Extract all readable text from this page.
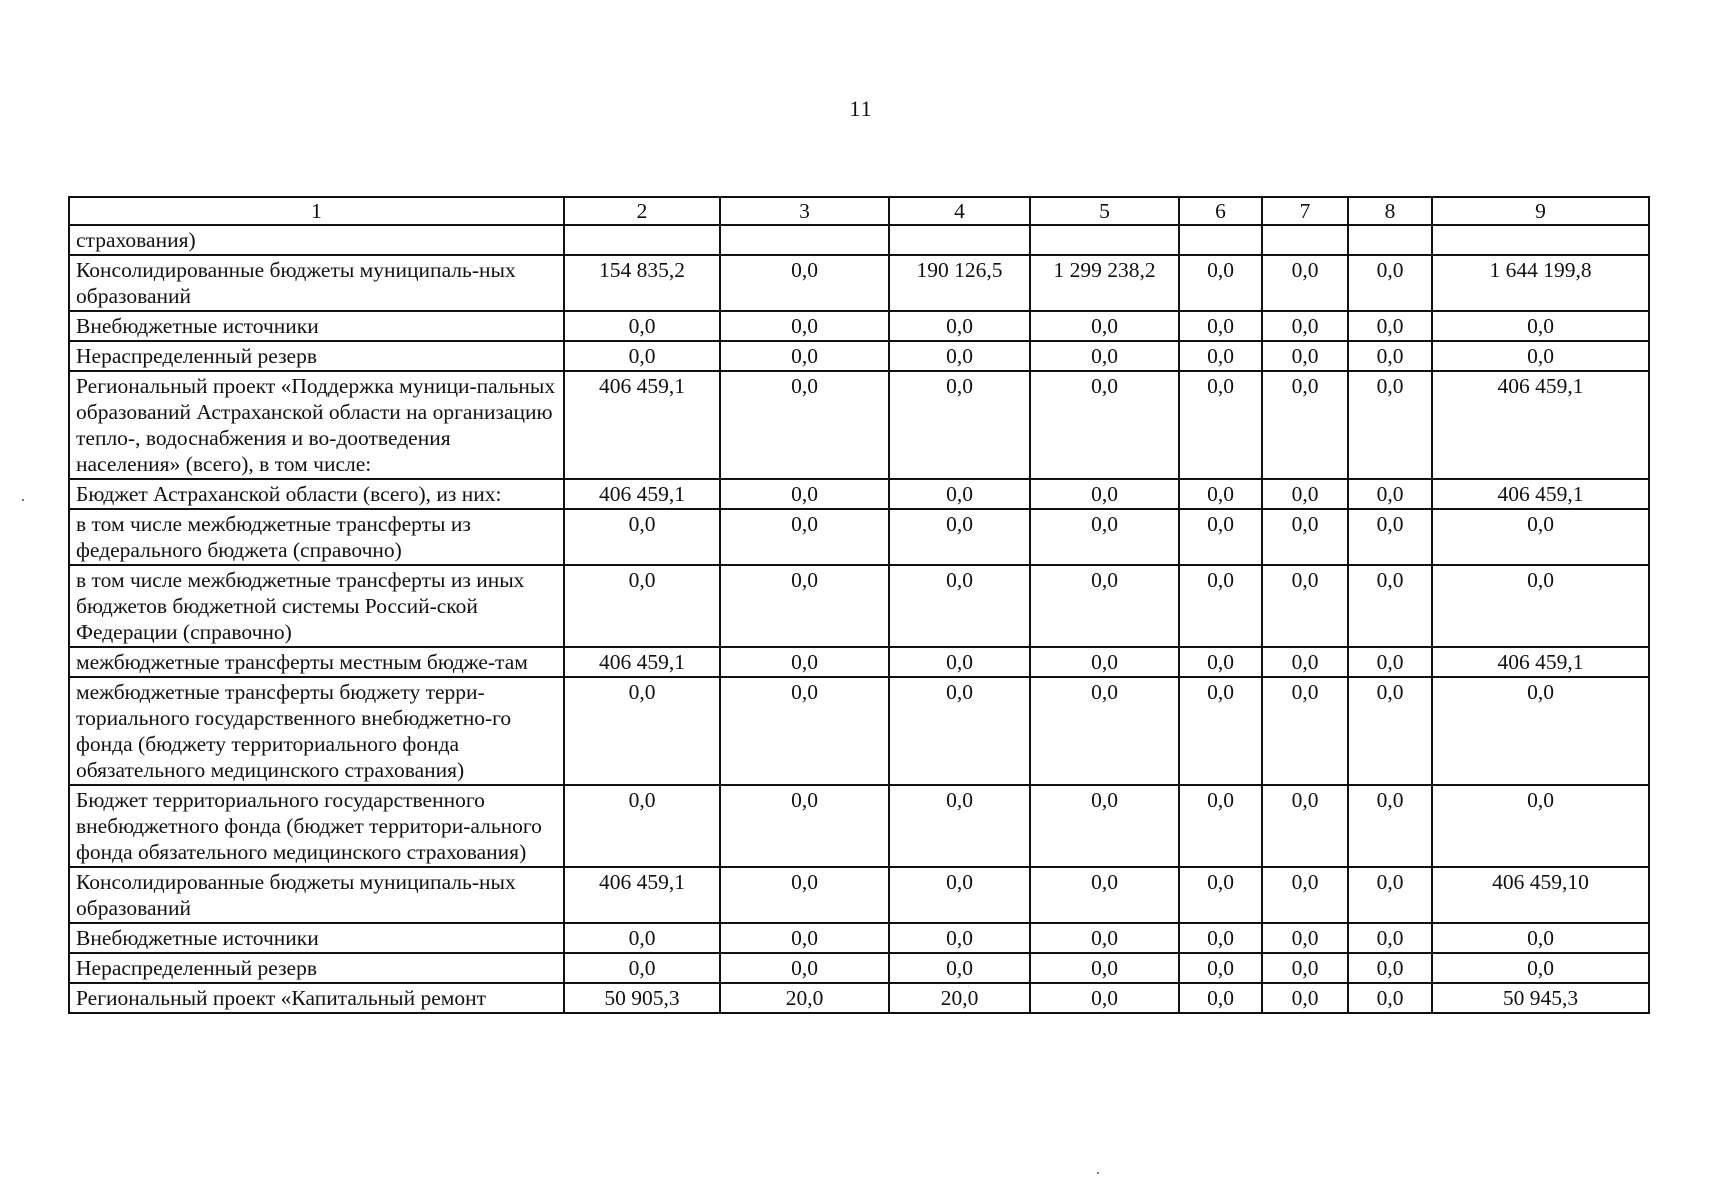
11
1	2	3	4	5	6	7	8	9
страхования)								
Консолидированные бюджеты муниципаль-ных образований	154 835,2	0,0	190 126,5	1 299 238,2	0,0	0,0	0,0	1 644 199,8
Внебюджетные источники	0,0	0,0	0,0	0,0	0,0	0,0	0,0	0,0
Нераспределенный резерв	0,0	0,0	0,0	0,0	0,0	0,0	0,0	0,0
Региональный проект «Поддержка муници-пальных образований Астраханской области на организацию тепло-, водоснабжения и во-доотведения населения» (всего), в том числе:	406 459,1	0,0	0,0	0,0	0,0	0,0	0,0	406 459,1
Бюджет Астраханской области (всего), из них:	406 459,1	0,0	0,0	0,0	0,0	0,0	0,0	406 459,1
в том числе межбюджетные трансферты из федерального бюджета (справочно)	0,0	0,0	0,0	0,0	0,0	0,0	0,0	0,0
в том числе межбюджетные трансферты из иных бюджетов бюджетной системы Россий-ской Федерации (справочно)	0,0	0,0	0,0	0,0	0,0	0,0	0,0	0,0
межбюджетные трансферты местным бюдже-там	406 459,1	0,0	0,0	0,0	0,0	0,0	0,0	406 459,1
межбюджетные трансферты бюджету терри-ториального государственного внебюджетно-го фонда (бюджету территориального фонда обязательного медицинского страхования)	0,0	0,0	0,0	0,0	0,0	0,0	0,0	0,0
Бюджет территориального государственного внебюджетного фонда (бюджет территори-ального фонда обязательного медицинского страхования)	0,0	0,0	0,0	0,0	0,0	0,0	0,0	0,0
Консолидированные бюджеты муниципаль-ных образований	406 459,1	0,0	0,0	0,0	0,0	0,0	0,0	406 459,10
Внебюджетные источники	0,0	0,0	0,0	0,0	0,0	0,0	0,0	0,0
Нераспределенный резерв	0,0	0,0	0,0	0,0	0,0	0,0	0,0	0,0
Региональный проект «Капитальный ремонт	50 905,3	20,0	20,0	0,0	0,0	0,0	0,0	50 945,3
